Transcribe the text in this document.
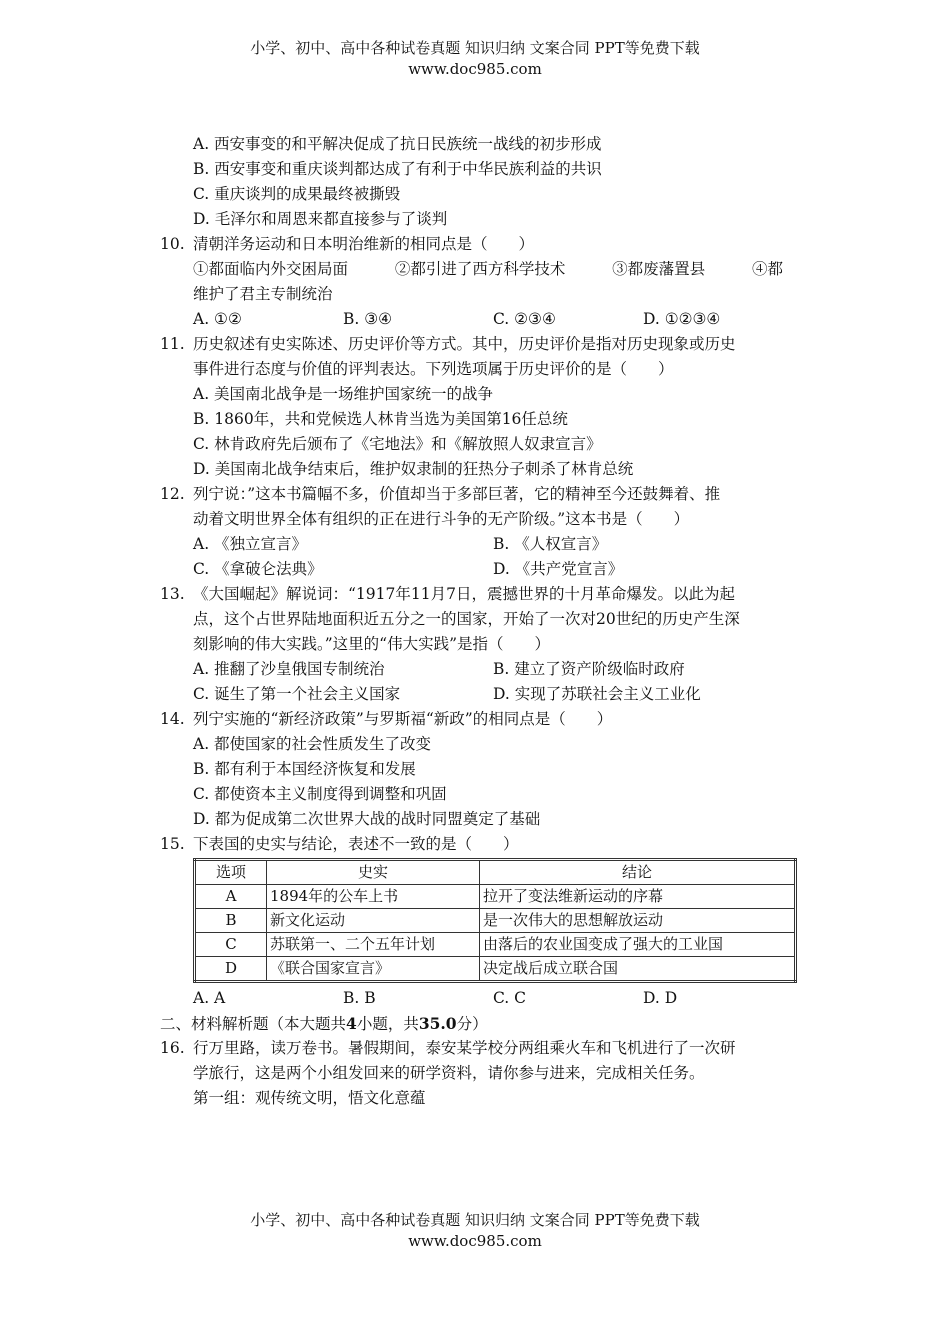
小学、初中、高中各种试卷真题 知识归纳 文案合同 PPT等免费下载
www.doc985.com
A. 西安事变的和平解决促成了抗日民族统一战线的初步形成
B. 西安事变和重庆谈判都达成了有利于中华民族利益的共识
C. 重庆谈判的成果最终被撕毁
D. 毛泽尔和周恩来都直接参与了谈判
10. 清朝洋务运动和日本明治维新的相同点是（　　）
①都面临内外交困局面	②都引进了西方科学技术	③都废藩置县	④都
维护了君主专制统治
A. ①②	B. ③④	C. ②③④	D. ①②③④
11. 历史叙述有史实陈述、历史评价等方式。其中，历史评价是指对历史现象或历史
事件进行态度与价值的评判表达。下列选项属于历史评价的是（　　）
A. 美国南北战争是一场维护国家统一的战争
B. 1860年，共和党候选人林肯当选为美国第16任总统
C. 林肯政府先后颁布了《宅地法》和《解放照人奴隶宣言》
D. 美国南北战争结束后，维护奴隶制的狂热分子刺杀了林肯总统
12. 列宁说：”这本书篇幅不多，价值却当于多部巨著，它的精神至今还鼓舞着、推
动着文明世界全体有组织的正在进行斗争的无产阶级。”这本书是（　　）
A. 《独立宣言》	B. 《人权宣言》
C. 《拿破仑法典》	D. 《共产党宣言》
13. 《大国崛起》解说词：“1917年11月7日，震撼世界的十月革命爆发。以此为起
点，这个占世界陆地面积近五分之一的国家，开始了一次对20世纪的历史产生深
刻影响的伟大实践。”这里的“伟大实践”是指（　　）
A. 推翻了沙皇俄国专制统治	B. 建立了资产阶级临时政府
C. 诞生了第一个社会主义国家	D. 实现了苏联社会主义工业化
14. 列宁实施的“新经济政策”与罗斯福“新政”的相同点是（　　）
A. 都使国家的社会性质发生了改变
B. 都有利于本国经济恢复和发展
C. 都使资本主义制度得到调整和巩固
D. 都为促成第二次世界大战的战时同盟奠定了基础
15. 下表国的史实与结论，表述不一致的是（　　）
选项	史实	结论
A	1894年的公车上书	拉开了变法维新运动的序幕
B	新文化运动	是一次伟大的思想解放运动
C	苏联第一、二个五年计划	由落后的农业国变成了强大的工业国
D	《联合国家宣言》	决定战后成立联合国
A. A	B. B	C. C	D. D
二、材料解析题（本大题共4小题，共35.0分）
16. 行万里路，读万卷书。暑假期间，泰安某学校分两组乘火车和飞机进行了一次研
学旅行，这是两个小组发回来的研学资料，请你参与进来，完成相关任务。
第一组：观传统文明，悟文化意蕴
小学、初中、高中各种试卷真题 知识归纳 文案合同 PPT等免费下载
www.doc985.com
